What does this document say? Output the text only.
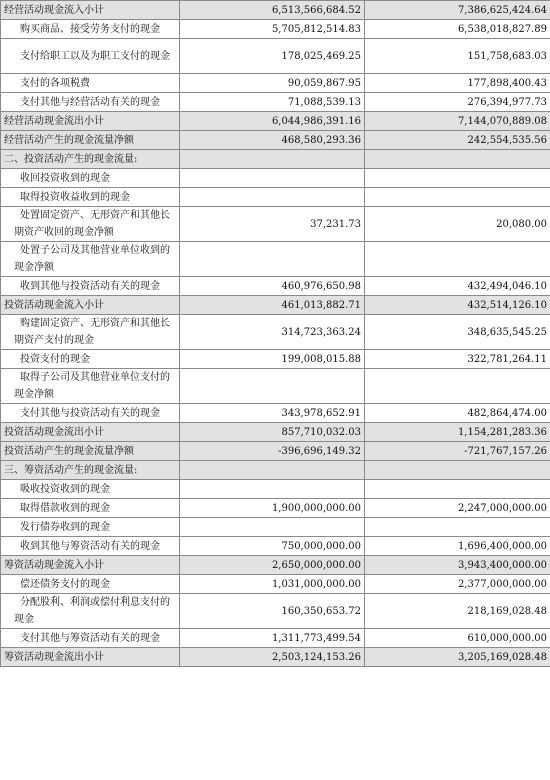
经营活动现金流入小计	6,513,566,684.52	7,386,625,424.64
购买商品、接受劳务支付的现金	5,705,812,514.83	6,538,018,827.89
支付给职工以及为职工支付的现金	178,025,469.25	151,758,683.03
支付的各项税费	90,059,867.95	177,898,400.43
支付其他与经营活动有关的现金	71,088,539.13	276,394,977.73
经营活动现金流出小计	6,044,986,391.16	7,144,070,889.08
经营活动产生的现金流量净额	468,580,293.36	242,554,535.56
二、投资活动产生的现金流量:		
收回投资收到的现金		
取得投资收益收到的现金		
处置固定资产、无形资产和其他长期资产收回的现金净额	37,231.73	20,080.00
处置子公司及其他营业单位收到的现金净额		
收到其他与投资活动有关的现金	460,976,650.98	432,494,046.10
投资活动现金流入小计	461,013,882.71	432,514,126.10
购建固定资产、无形资产和其他长期资产支付的现金	314,723,363.24	348,635,545.25
投资支付的现金	199,008,015.88	322,781,264.11
取得子公司及其他营业单位支付的现金净额		
支付其他与投资活动有关的现金	343,978,652.91	482,864,474.00
投资活动现金流出小计	857,710,032.03	1,154,281,283.36
投资活动产生的现金流量净额	-396,696,149.32	-721,767,157.26
三、筹资活动产生的现金流量:		
吸收投资收到的现金		
取得借款收到的现金	1,900,000,000.00	2,247,000,000.00
发行债券收到的现金		
收到其他与筹资活动有关的现金	750,000,000.00	1,696,400,000.00
筹资活动现金流入小计	2,650,000,000.00	3,943,400,000.00
偿还债务支付的现金	1,031,000,000.00	2,377,000,000.00
分配股利、利润或偿付利息支付的现金	160,350,653.72	218,169,028.48
支付其他与筹资活动有关的现金	1,311,773,499.54	610,000,000.00
筹资活动现金流出小计	2,503,124,153.26	3,205,169,028.48
